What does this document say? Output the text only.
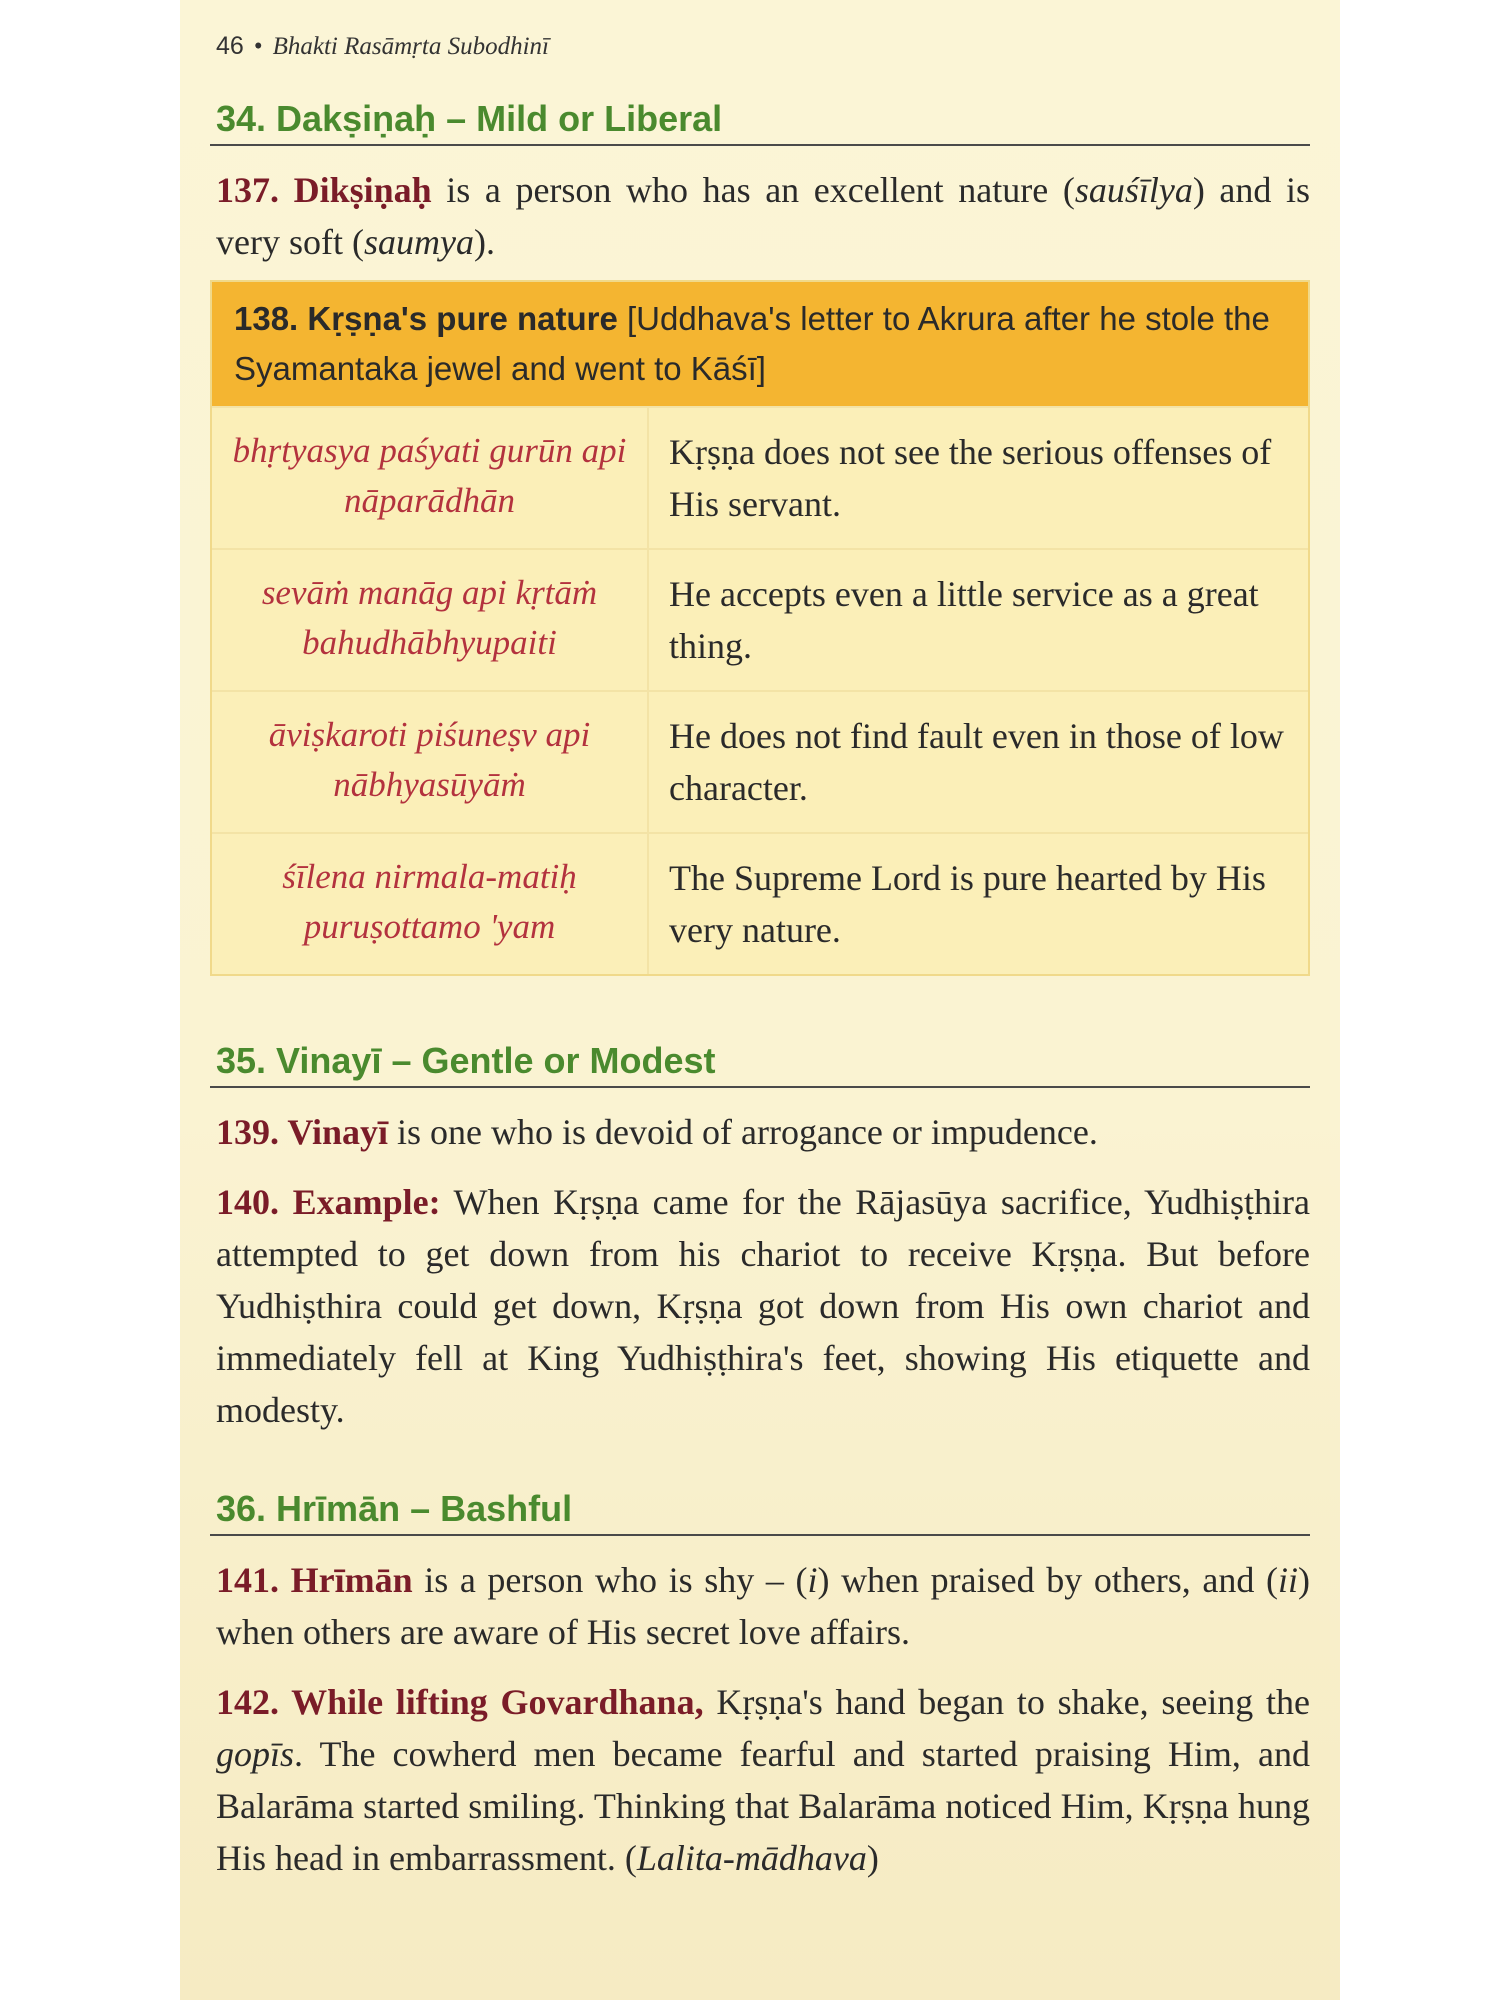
46 • Bhakti Rasāmṛta Subodhinī
34. Dakṣiṇaḥ – Mild or Liberal

137. Dikṣiṇaḥ is a person who has an excellent nature (sauśīlya) and is very soft (saumya).

138. Kṛṣṇa's pure nature [Uddhava's letter to Akrura after he stole the Syamantaka jewel and went to Kāśī]
bhṛtyasya paśyati gurūn api nāparādhān
Kṛṣṇa does not see the serious offenses of His servant.
sevāṁ manāg api kṛtāṁ bahudhābhyupaiti
He accepts even a little service as a great thing.
āviṣkaroti piśuneṣv api nābhyasūyāṁ
He does not find fault even in those of low character.
śīlena nirmala-matiḥ puruṣottamo 'yam
The Supreme Lord is pure hearted by His very nature.
35. Vinayī – Gentle or Modest

139. Vinayī is one who is devoid of arrogance or impudence.

140. Example: When Kṛṣṇa came for the Rājasūya sacrifice, Yudhiṣṭhira attempted to get down from his chariot to receive Kṛṣṇa. But before Yudhiṣthira could get down, Kṛṣṇa got down from His own chariot and immediately fell at King Yudhiṣṭhira's feet, showing His etiquette and modesty.

36. Hrīmān – Bashful

141. Hrīmān is a person who is shy – (i) when praised by others, and (ii) when others are aware of His secret love affairs.

142. While lifting Govardhana, Kṛṣṇa's hand began to shake, seeing the gopīs. The cowherd men became fearful and started praising Him, and Balarāma started smiling. Thinking that Balarāma noticed Him, Kṛṣṇa hung His head in embarrassment. (Lalita-mādhava)
